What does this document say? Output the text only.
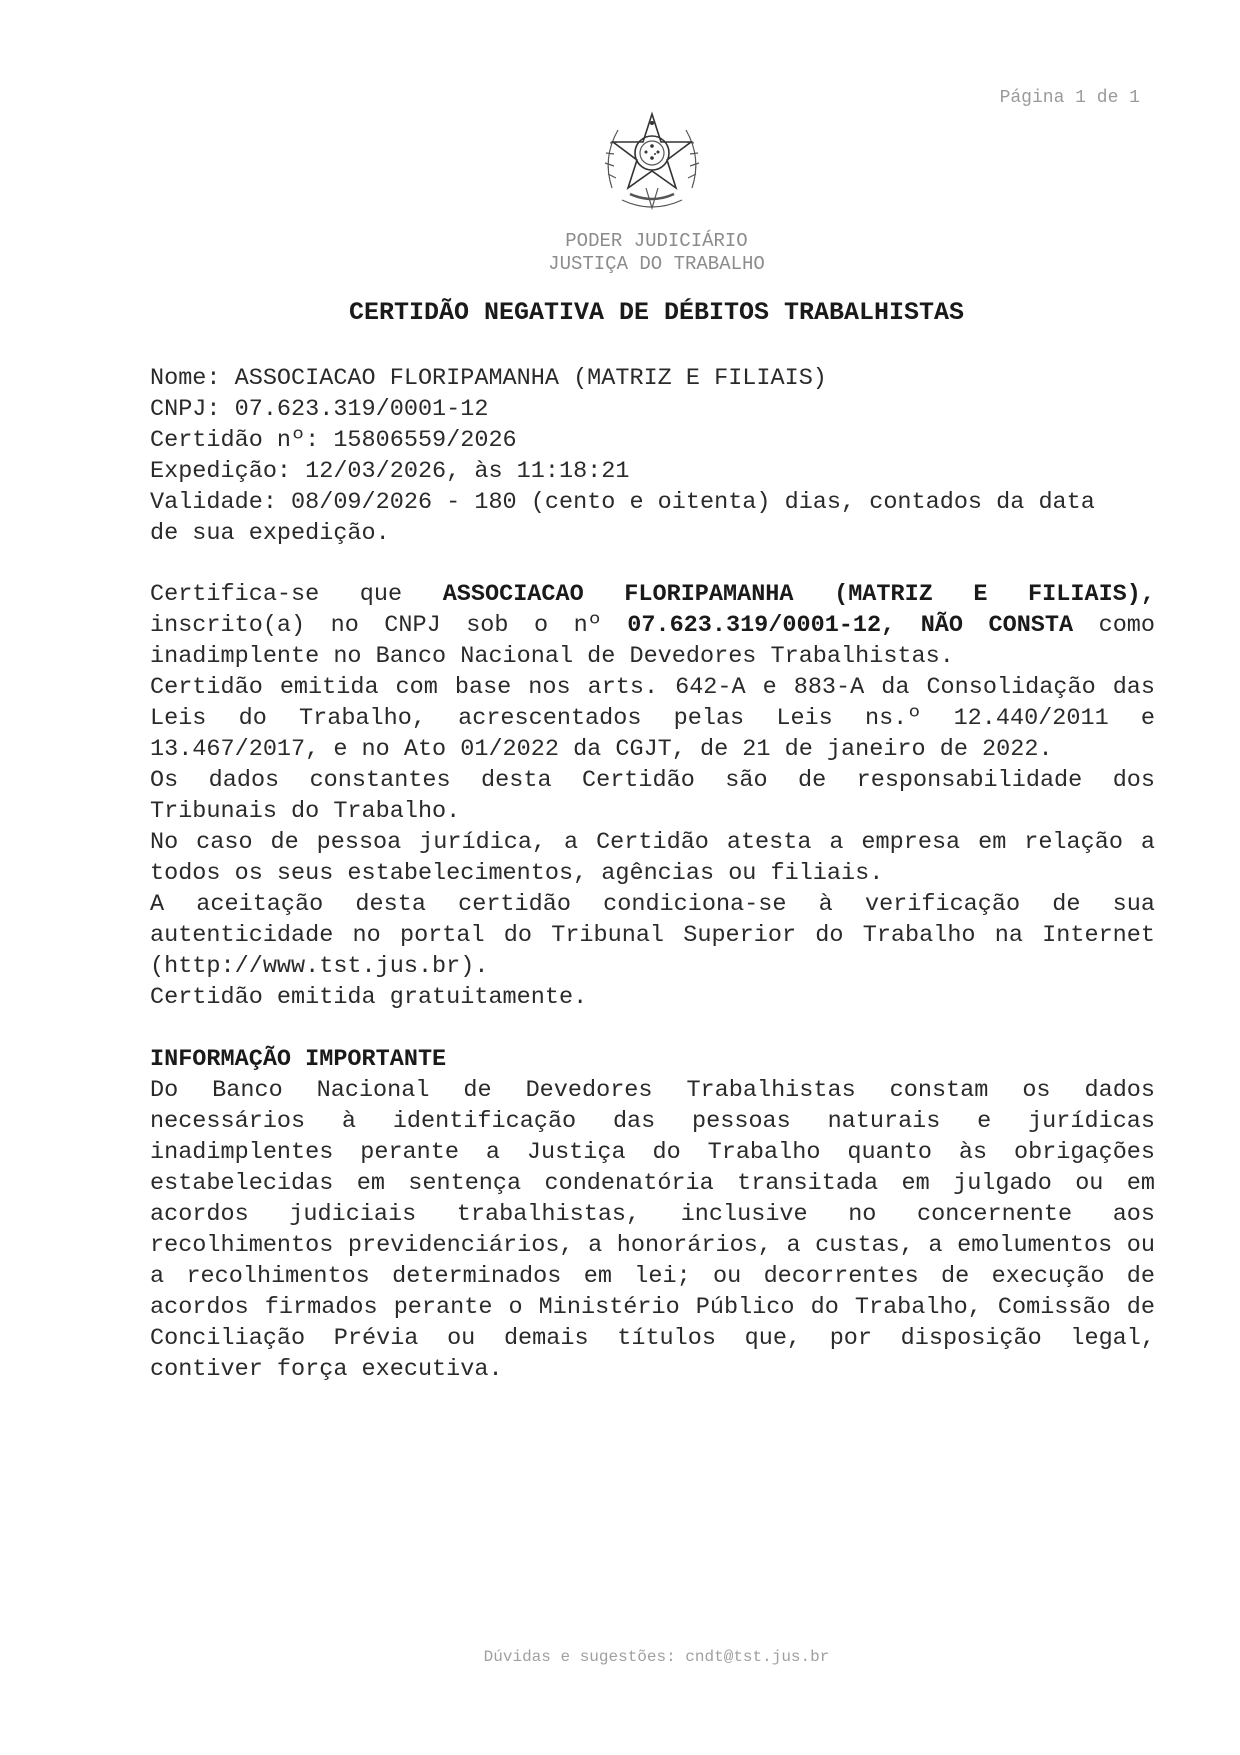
Página 1 de 1
PODER JUDICIÁRIO
JUSTIÇA DO TRABALHO
CERTIDÃO NEGATIVA DE DÉBITOS TRABALHISTAS
Nome: ASSOCIACAO FLORIPAMANHA (MATRIZ E FILIAIS)
CNPJ: 07.623.319/0001-12
Certidão nº: 15806559/2026
Expedição: 12/03/2026, às 11:18:21
Validade: 08/09/2026 - 180 (cento e oitenta) dias, contados da data
de sua expedição.

Certifica-se que ASSOCIACAO FLORIPAMANHA (MATRIZ E FILIAIS), inscrito(a) no CNPJ sob o nº 07.623.319/0001-12, NÃO CONSTA como inadimplente no Banco Nacional de Devedores Trabalhistas.

Certidão emitida com base nos arts. 642-A e 883-A da Consolidação das Leis do Trabalho, acrescentados pelas Leis ns.º 12.440/2011 e 13.467/2017, e no Ato 01/2022 da CGJT, de 21 de janeiro de 2022.

Os dados constantes desta Certidão são de responsabilidade dos Tribunais do Trabalho.

No caso de pessoa jurídica, a Certidão atesta a empresa em relação a todos os seus estabelecimentos, agências ou filiais.

A aceitação desta certidão condiciona-se à verificação de sua autenticidade no portal do Tribunal Superior do Trabalho na Internet (http://www.tst.jus.br).

Certidão emitida gratuitamente.

INFORMAÇÃO IMPORTANTE

Do Banco Nacional de Devedores Trabalhistas constam os dados necessários à identificação das pessoas naturais e jurídicas inadimplentes perante a Justiça do Trabalho quanto às obrigações estabelecidas em sentença condenatória transitada em julgado ou em acordos judiciais trabalhistas, inclusive no concernente aos recolhimentos previdenciários, a honorários, a custas, a emolumentos ou a recolhimentos determinados em lei; ou decorrentes de execução de acordos firmados perante o Ministério Público do Trabalho, Comissão de Conciliação Prévia ou demais títulos que, por disposição legal, contiver força executiva.

Dúvidas e sugestões: cndt@tst.jus.br
